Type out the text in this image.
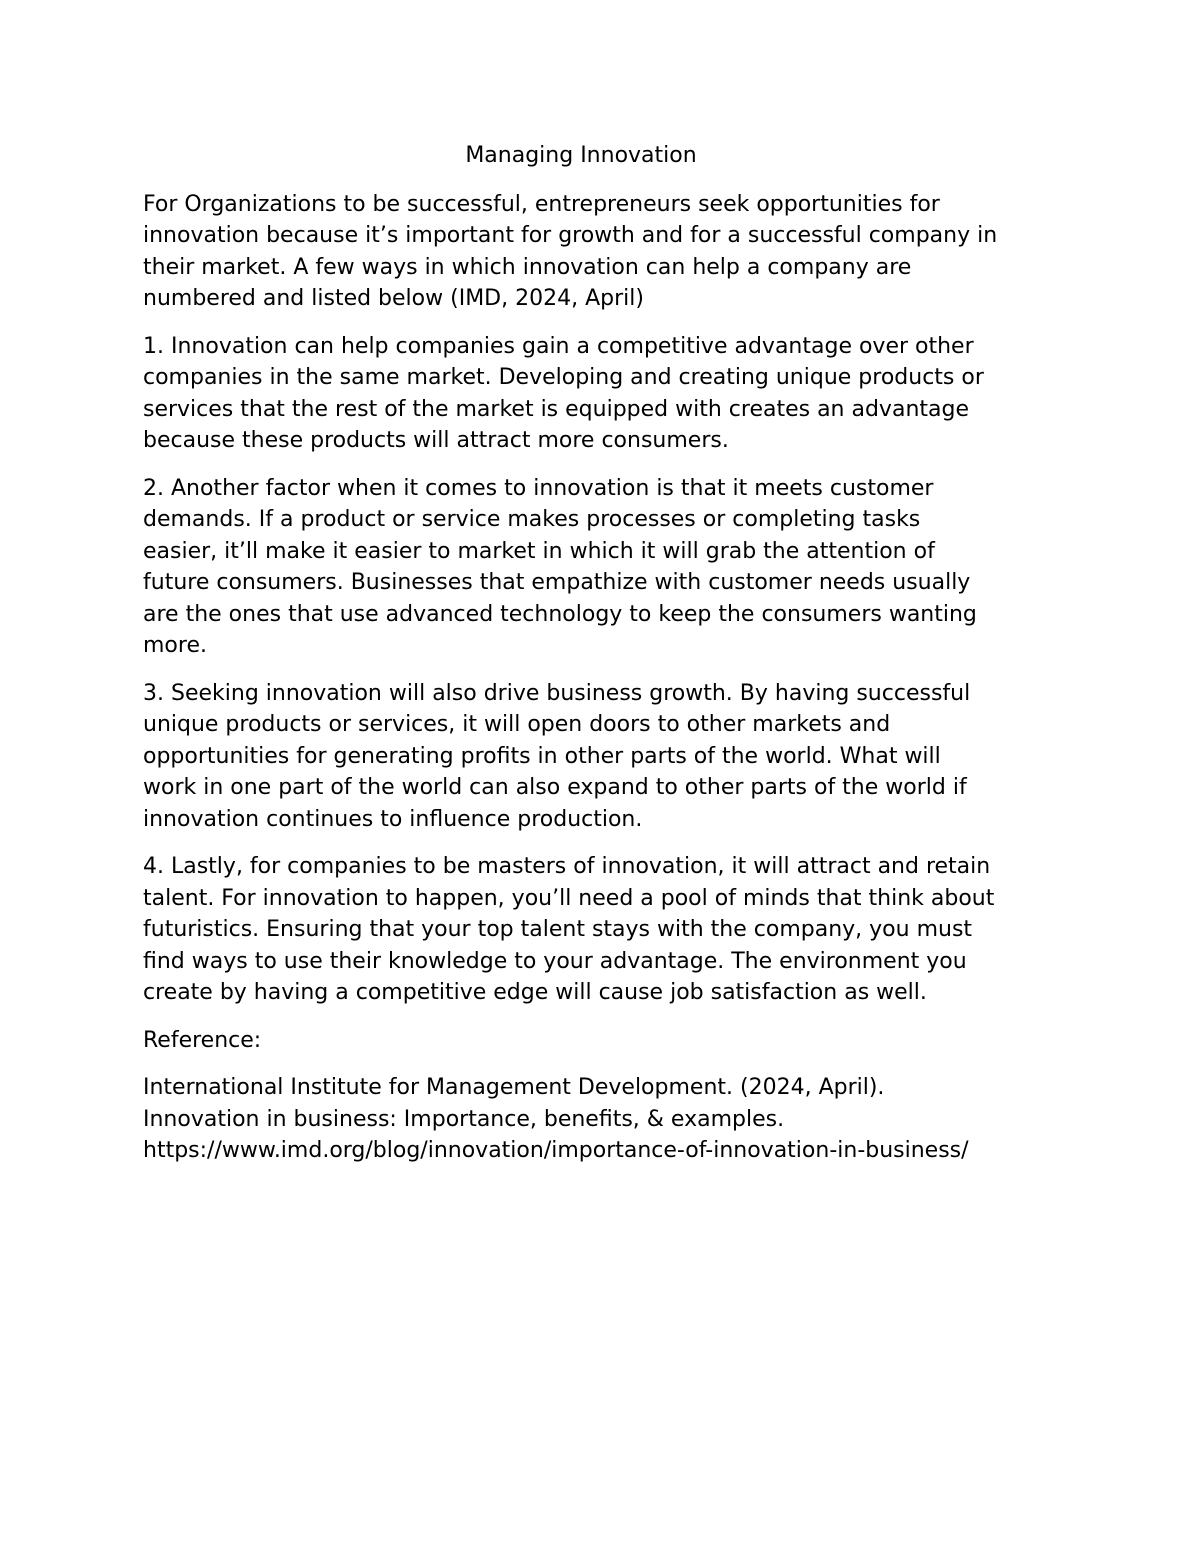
Managing Innovation
For Organizations to be successful, entrepreneurs seek opportunities for
innovation because it’s important for growth and for a successful company in
their market. A few ways in which innovation can help a company are
numbered and listed below (IMD, 2024, April)
1. Innovation can help companies gain a competitive advantage over other
companies in the same market. Developing and creating unique products or
services that the rest of the market is equipped with creates an advantage
because these products will attract more consumers.
2. Another factor when it comes to innovation is that it meets customer
demands. If a product or service makes processes or completing tasks
easier, it’ll make it easier to market in which it will grab the attention of
future consumers. Businesses that empathize with customer needs usually
are the ones that use advanced technology to keep the consumers wanting
more.
3. Seeking innovation will also drive business growth. By having successful
unique products or services, it will open doors to other markets and
opportunities for generating profits in other parts of the world. What will
work in one part of the world can also expand to other parts of the world if
innovation continues to influence production.
4. Lastly, for companies to be masters of innovation, it will attract and retain
talent. For innovation to happen, you’ll need a pool of minds that think about
futuristics. Ensuring that your top talent stays with the company, you must
find ways to use their knowledge to your advantage. The environment you
create by having a competitive edge will cause job satisfaction as well.
Reference:
International Institute for Management Development. (2024, April).
Innovation in business: Importance, benefits, & examples.
https://www.imd.org/blog/innovation/importance-of-innovation-in-business/
